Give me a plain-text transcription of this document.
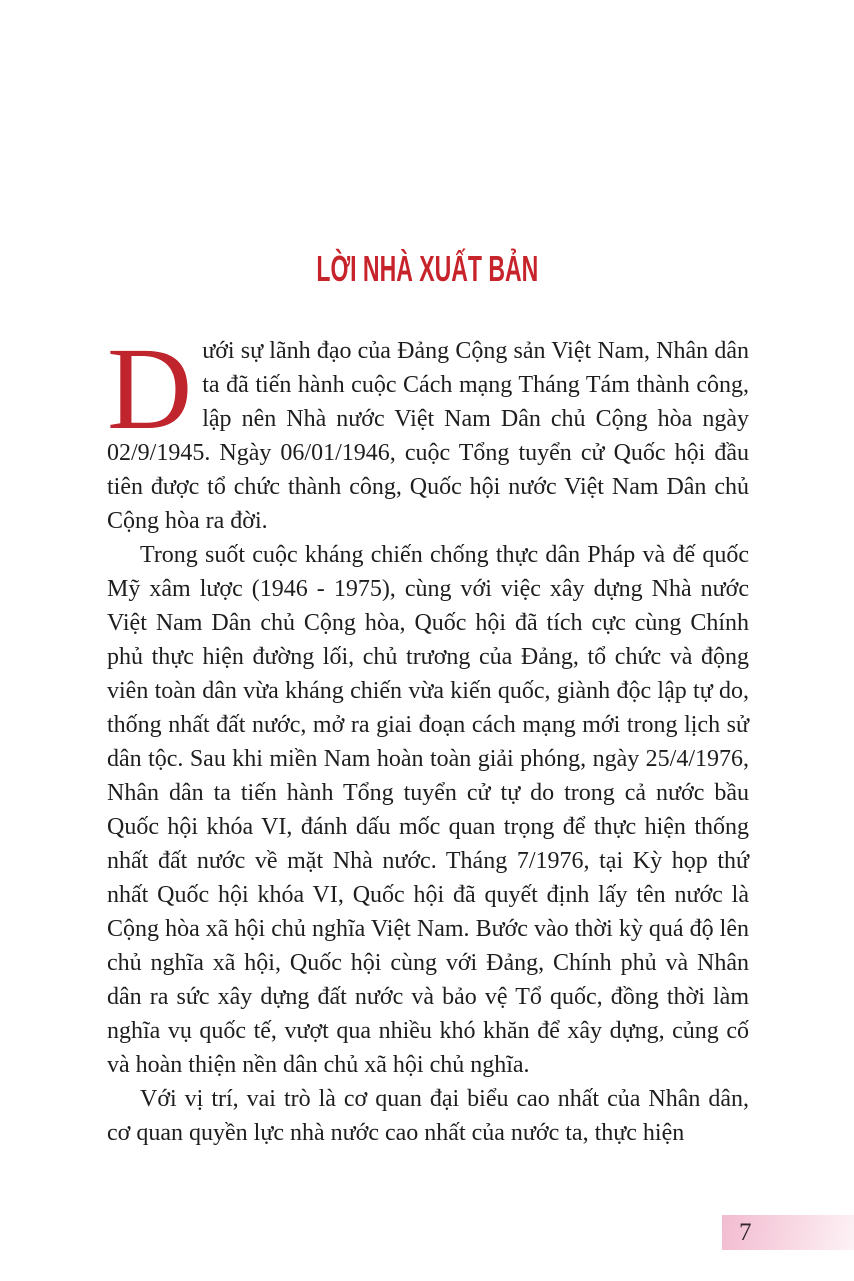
LỜI NHÀ XUẤT BẢN

Dưới sự lãnh đạo của Đảng Cộng sản Việt Nam, Nhân dân ta đã tiến hành cuộc Cách mạng Tháng Tám thành công, lập nên Nhà nước Việt Nam Dân chủ Cộng hòa ngày 02/9/1945. Ngày 06/01/1946, cuộc Tổng tuyển cử Quốc hội đầu tiên được tổ chức thành công, Quốc hội nước Việt Nam Dân chủ Cộng hòa ra đời.

Trong suốt cuộc kháng chiến chống thực dân Pháp và đế quốc Mỹ xâm lược (1946 - 1975), cùng với việc xây dựng Nhà nước Việt Nam Dân chủ Cộng hòa, Quốc hội đã tích cực cùng Chính phủ thực hiện đường lối, chủ trương của Đảng, tổ chức và động viên toàn dân vừa kháng chiến vừa kiến quốc, giành độc lập tự do, thống nhất đất nước, mở ra giai đoạn cách mạng mới trong lịch sử dân tộc. Sau khi miền Nam hoàn toàn giải phóng, ngày 25/4/1976, Nhân dân ta tiến hành Tổng tuyển cử tự do trong cả nước bầu Quốc hội khóa VI, đánh dấu mốc quan trọng để thực hiện thống nhất đất nước về mặt Nhà nước. Tháng 7/1976, tại Kỳ họp thứ nhất Quốc hội khóa VI, Quốc hội đã quyết định lấy tên nước là Cộng hòa xã hội chủ nghĩa Việt Nam. Bước vào thời kỳ quá độ lên chủ nghĩa xã hội, Quốc hội cùng với Đảng, Chính phủ và Nhân dân ra sức xây dựng đất nước và bảo vệ Tổ quốc, đồng thời làm nghĩa vụ quốc tế, vượt qua nhiều khó khăn để xây dựng, củng cố và hoàn thiện nền dân chủ xã hội chủ nghĩa.

Với vị trí, vai trò là cơ quan đại biểu cao nhất của Nhân dân, cơ quan quyền lực nhà nước cao nhất của nước ta, thực hiện

7
